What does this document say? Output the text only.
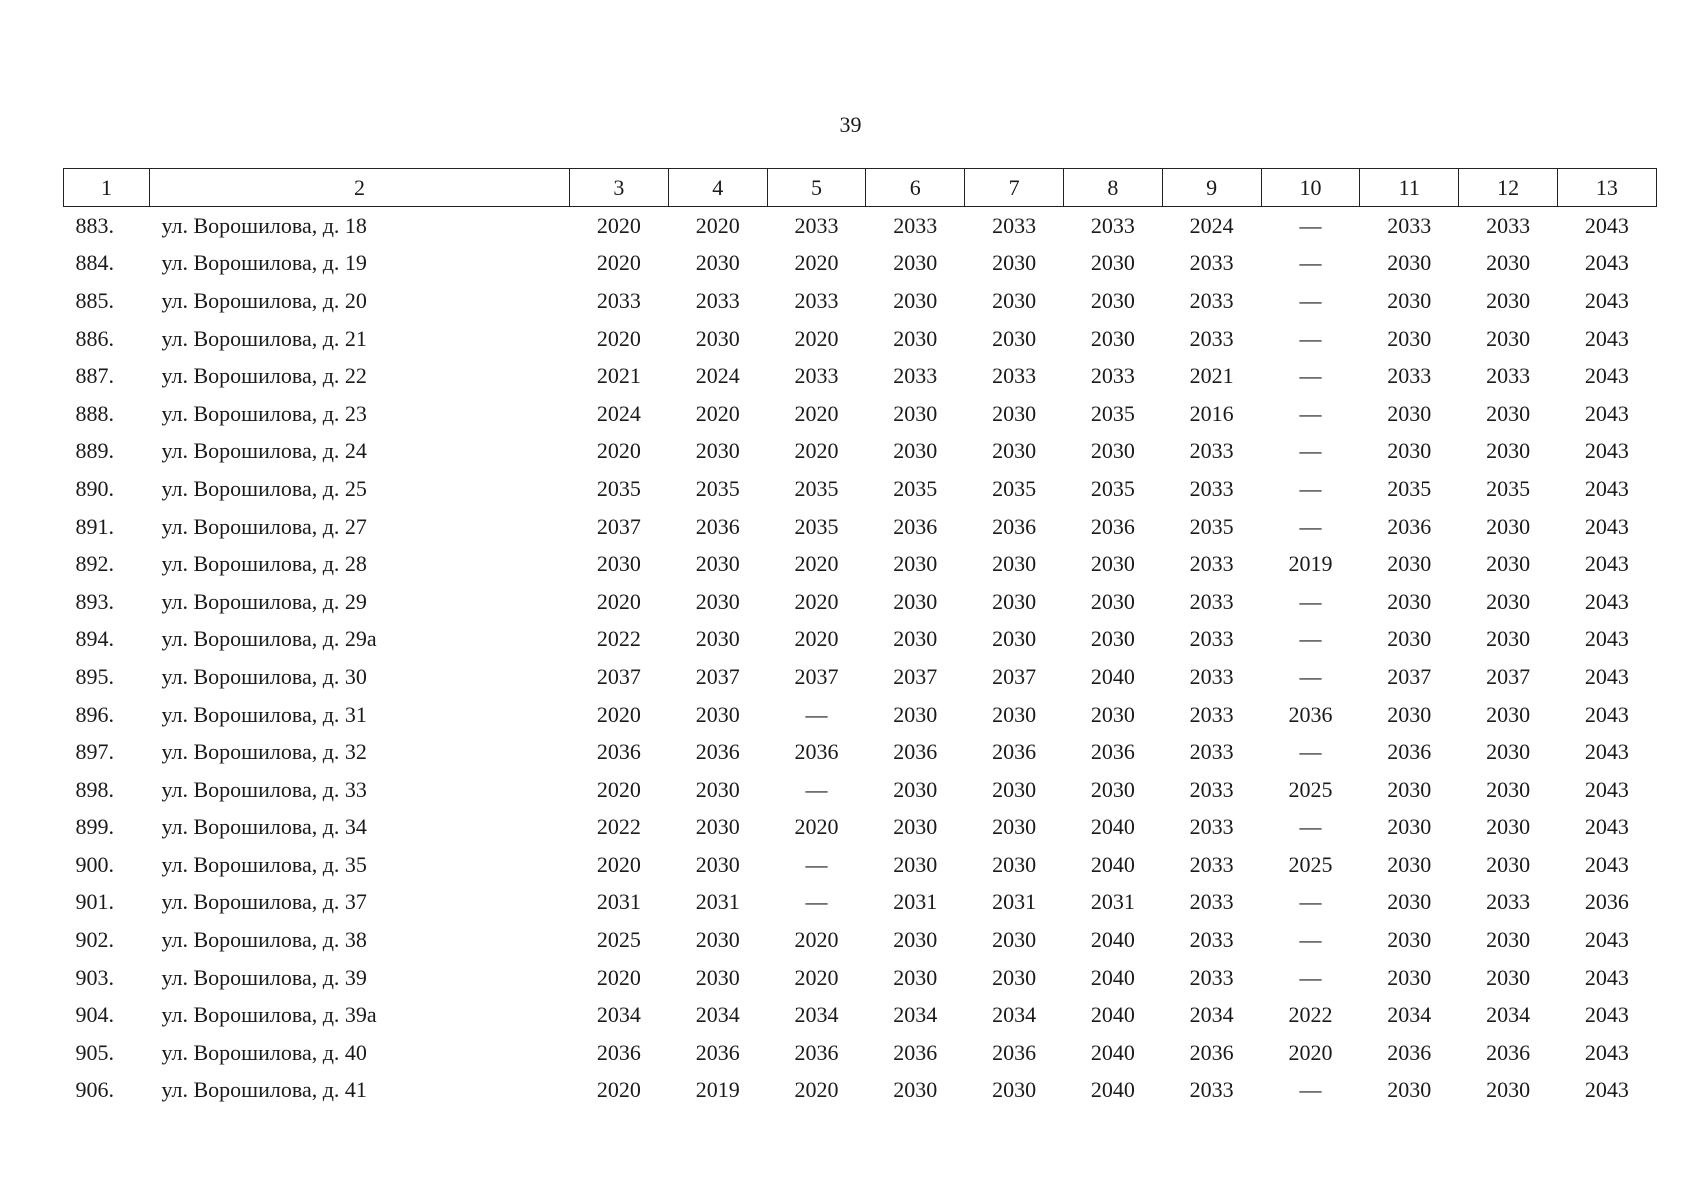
39
1	2	3	4	5	6	7	8	9	10	11	12	13
883.	ул. Ворошилова, д. 18	2020	2020	2033	2033	2033	2033	2024	—	2033	2033	2043
884.	ул. Ворошилова, д. 19	2020	2030	2020	2030	2030	2030	2033	—	2030	2030	2043
885.	ул. Ворошилова, д. 20	2033	2033	2033	2030	2030	2030	2033	—	2030	2030	2043
886.	ул. Ворошилова, д. 21	2020	2030	2020	2030	2030	2030	2033	—	2030	2030	2043
887.	ул. Ворошилова, д. 22	2021	2024	2033	2033	2033	2033	2021	—	2033	2033	2043
888.	ул. Ворошилова, д. 23	2024	2020	2020	2030	2030	2035	2016	—	2030	2030	2043
889.	ул. Ворошилова, д. 24	2020	2030	2020	2030	2030	2030	2033	—	2030	2030	2043
890.	ул. Ворошилова, д. 25	2035	2035	2035	2035	2035	2035	2033	—	2035	2035	2043
891.	ул. Ворошилова, д. 27	2037	2036	2035	2036	2036	2036	2035	—	2036	2030	2043
892.	ул. Ворошилова, д. 28	2030	2030	2020	2030	2030	2030	2033	2019	2030	2030	2043
893.	ул. Ворошилова, д. 29	2020	2030	2020	2030	2030	2030	2033	—	2030	2030	2043
894.	ул. Ворошилова, д. 29а	2022	2030	2020	2030	2030	2030	2033	—	2030	2030	2043
895.	ул. Ворошилова, д. 30	2037	2037	2037	2037	2037	2040	2033	—	2037	2037	2043
896.	ул. Ворошилова, д. 31	2020	2030	—	2030	2030	2030	2033	2036	2030	2030	2043
897.	ул. Ворошилова, д. 32	2036	2036	2036	2036	2036	2036	2033	—	2036	2030	2043
898.	ул. Ворошилова, д. 33	2020	2030	—	2030	2030	2030	2033	2025	2030	2030	2043
899.	ул. Ворошилова, д. 34	2022	2030	2020	2030	2030	2040	2033	—	2030	2030	2043
900.	ул. Ворошилова, д. 35	2020	2030	—	2030	2030	2040	2033	2025	2030	2030	2043
901.	ул. Ворошилова, д. 37	2031	2031	—	2031	2031	2031	2033	—	2030	2033	2036
902.	ул. Ворошилова, д. 38	2025	2030	2020	2030	2030	2040	2033	—	2030	2030	2043
903.	ул. Ворошилова, д. 39	2020	2030	2020	2030	2030	2040	2033	—	2030	2030	2043
904.	ул. Ворошилова, д. 39а	2034	2034	2034	2034	2034	2040	2034	2022	2034	2034	2043
905.	ул. Ворошилова, д. 40	2036	2036	2036	2036	2036	2040	2036	2020	2036	2036	2043
906.	ул. Ворошилова, д. 41	2020	2019	2020	2030	2030	2040	2033	—	2030	2030	2043
